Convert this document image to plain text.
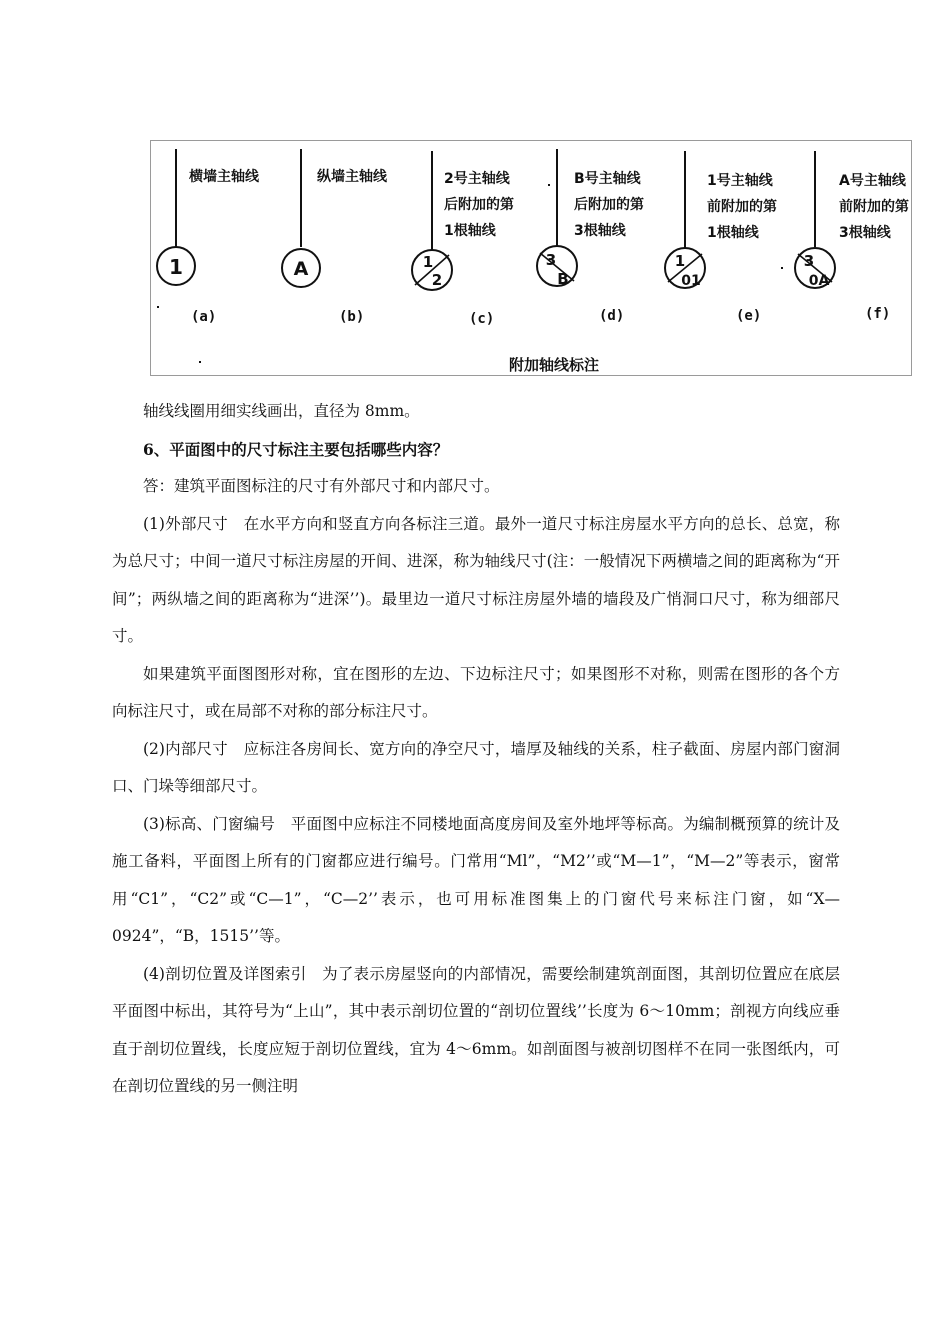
1	A	1
2
3
B
1
01
3
0A
横墙主轴线	纵墙主轴线	2号主轴线
后附加的第
1根轴线
B号主轴线
后附加的第
3根轴线
1号主轴线
前附加的第
1根轴线
A号主轴线
前附加的第
3根轴线
(a)	(b)	(c)	(d)	(e)	(f)
附加轴线标注

轴线线圈用细实线画出，直径为 8mm。

6、平面图中的尺寸标注主要包括哪些内容？

答：建筑平面图标注的尺寸有外部尺寸和内部尺寸。

(1)外部尺寸　在水平方向和竖直方向各标注三道。最外一道尺寸标注房屋水平方向的总长、总宽，称为总尺寸；中间一道尺寸标注房屋的开间、进深，称为轴线尺寸(注：一般情况下两横墙之间的距离称为“开间”；两纵墙之间的距离称为“进深’’)。最里边一道尺寸标注房屋外墙的墙段及广悄洞口尺寸，称为细部尺寸。

如果建筑平面图图形对称，宜在图形的左边、下边标注尺寸；如果图形不对称，则需在图形的各个方向标注尺寸，或在局部不对称的部分标注尺寸。

(2)内部尺寸　应标注各房间长、宽方向的净空尺寸，墙厚及轴线的关系，柱子截面、房屋内部门窗洞口、门垛等细部尺寸。

(3)标高、门窗编号　平面图中应标注不同楼地面高度房间及室外地坪等标高。为编制概预算的统计及施工备料，平面图上所有的门窗都应进行编号。门常用“Ml”，“M2’’或“M—1”，“M—2”等表示，窗常用“C1”，“C2”或“C—1”，“C—2’’表示，也可用标准图集上的门窗代号来标注门窗，如“X—0924”，“B，1515’’等。

(4)剖切位置及详图索引　为了表示房屋竖向的内部情况，需要绘制建筑剖面图，其剖切位置应在底层平面图中标出，其符号为“上山”，其中表示剖切位置的“剖切位置线’’长度为 6～10mm；剖视方向线应垂直于剖切位置线，长度应短于剖切位置线，宜为 4～6mm。如剖面图与被剖切图样不在同一张图纸内，可在剖切位置线的另一侧注明
